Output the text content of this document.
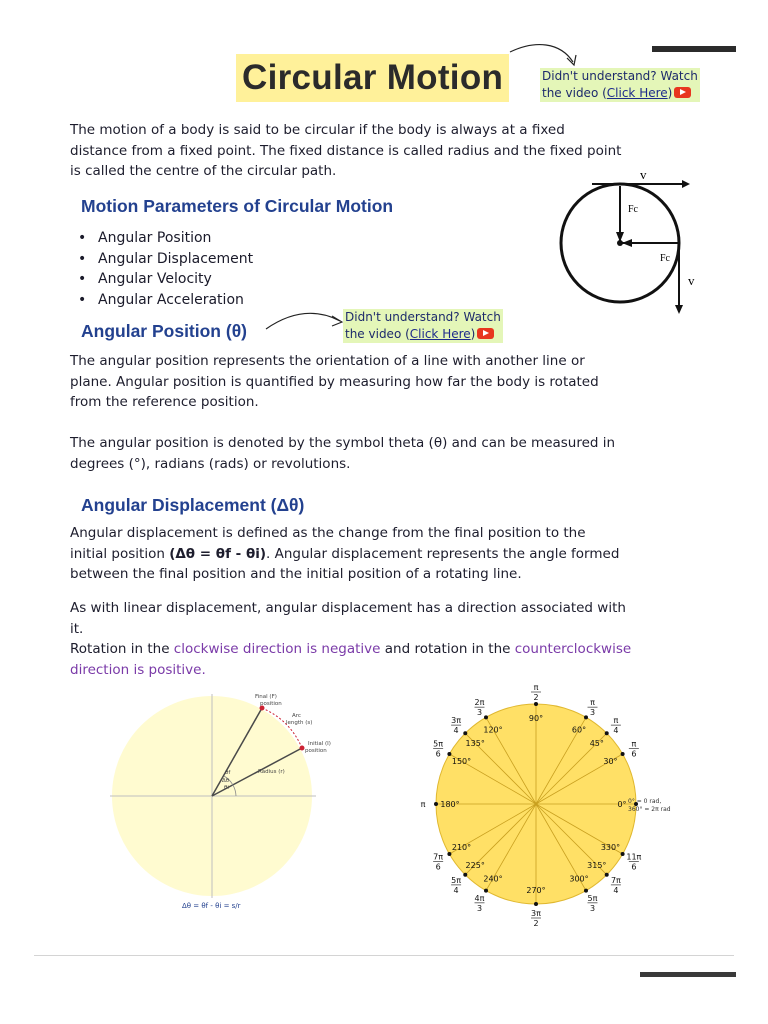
Circular Motion	Didn't understand? Watch
the video (Click Here)
The motion of a body is said to be circular if the body is always at a fixed
distance from a fixed point. The fixed distance is called radius and the fixed point
is called the centre of the circular path.
Motion Parameters of Circular Motion
• Angular Position
• Angular Displacement
• Angular Velocity
• Angular Acceleration
v
v
Fc
Fc
Angular Position (θ)
Didn't understand? Watch
the video (Click Here)
The angular position represents the orientation of a line with another line or
plane. Angular position is quantified by measuring how far the body is rotated
from the reference position.
The angular position is denoted by the symbol theta (θ) and can be measured in
degrees (°), radians (rads) or revolutions.
Angular Displacement (Δθ)
Angular displacement is defined as the change from the final position to the
initial position (Δθ = θf - θi). Angular displacement represents the angle formed
between the final position and the initial position of a rotating line.
As with linear displacement, angular displacement has a direction associated with
it.
Rotation in the clockwise direction is negative and rotation in the counterclockwise
direction is positive.
Final (F)
position
Arc
length (s)
Initial (I)
position
Radius (r)
θf
Δθ
θi
Δθ = θf - θi = s/r
0°
30°
π
6
45°
π
4
60°
π
3
90°
π
2
120°
2π
3
135°
3π
4
150°
5π
6
180°
π
210°
7π
6	225°
5π
4
240°
4π
3
270°
3π
2
300°
5π
3
315°
7π
4
330°
11π
6
0° = 0 rad,
360° = 2π rad
